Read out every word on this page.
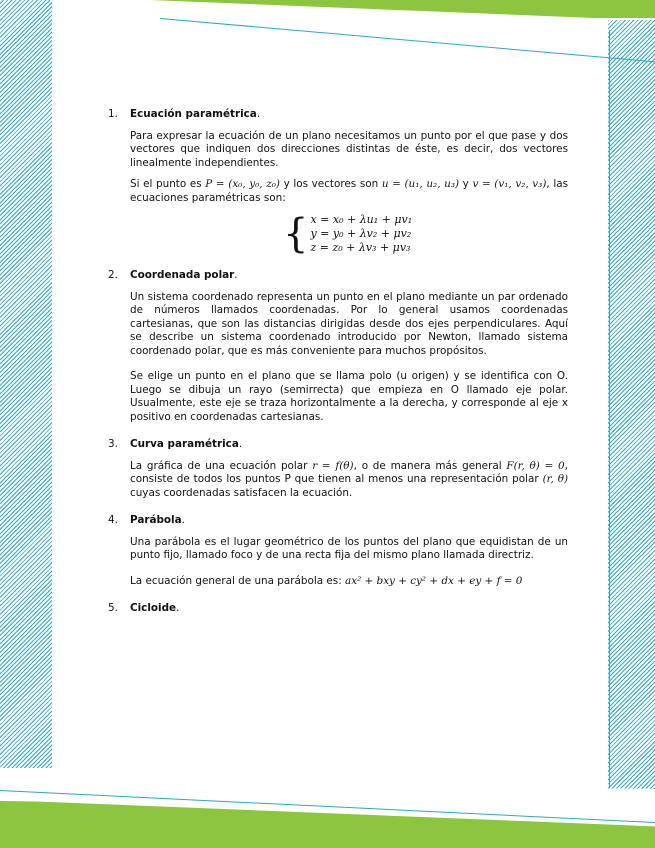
1. Ecuación paramétrica.
Para expresar la ecuación de un plano necesitamos un punto por el que pase y dos vectores que indiquen dos direcciones distintas de éste, es decir, dos vectores linealmente independientes.
Si el punto es P = (x₀, y₀, z₀) y los vectores son u = (u₁, u₂, u₃) y v = (v₁, v₂, v₃), las ecuaciones paramétricas son:
{ x = x₀ + λu₁ + μv₁
y = y₀ + λv₂ + μv₂
z = z₀ + λv₃ + μv₃
2. Coordenada polar.
Un sistema coordenado representa un punto en el plano mediante un par ordenado de números llamados coordenadas. Por lo general usamos coordenadas cartesianas, que son las distancias dirigidas desde dos ejes perpendiculares. Aquí se describe un sistema coordenado introducido por Newton, llamado sistema coordenado polar, que es más conveniente para muchos propósitos.
Se elige un punto en el plano que se llama polo (u origen) y se identifica con O. Luego se dibuja un rayo (semirrecta) que empieza en O llamado eje polar. Usualmente, este eje se traza horizontalmente a la derecha, y corresponde al eje x positivo en coordenadas cartesianas.
3. Curva paramétrica.
La gráfica de una ecuación polar r = f(θ), o de manera más general F(r, θ) = 0, consiste de todos los puntos P que tienen al menos una representación polar (r, θ) cuyas coordenadas satisfacen la ecuación.
4. Parábola.
Una parábola es el lugar geométrico de los puntos del plano que equidistan de un punto fijo, llamado foco y de una recta fija del mismo plano llamada directriz.
La ecuación general de una parábola es: ax² + bxy + cy² + dx + ey + f = 0
5. Cicloide.
